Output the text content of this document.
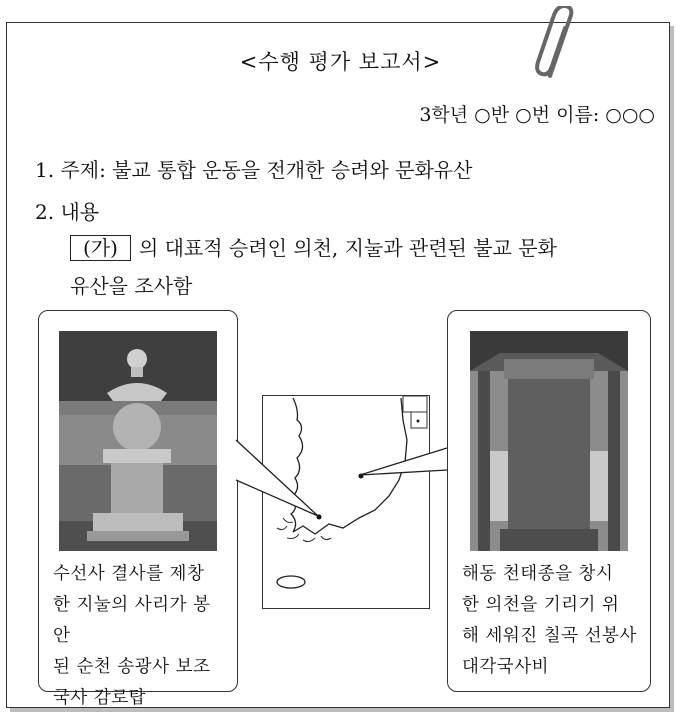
<수행 평가 보고서>
3학년 ○반 ○번 이름: ○○○
1. 주제: 불교 통합 운동을 전개한 승려와 문화유산
2. 내용
(가) 의 대표적 승려인 의천, 지눌과 관련된 불교 문화
유산을 조사함
수선사 결사를 제창
한 지눌의 사리가 봉안
된 순천 송광사 보조
국사 감로탑
해동 천태종을 창시
한 의천을 기리기 위
해 세워진 칠곡 선봉사
대각국사비
